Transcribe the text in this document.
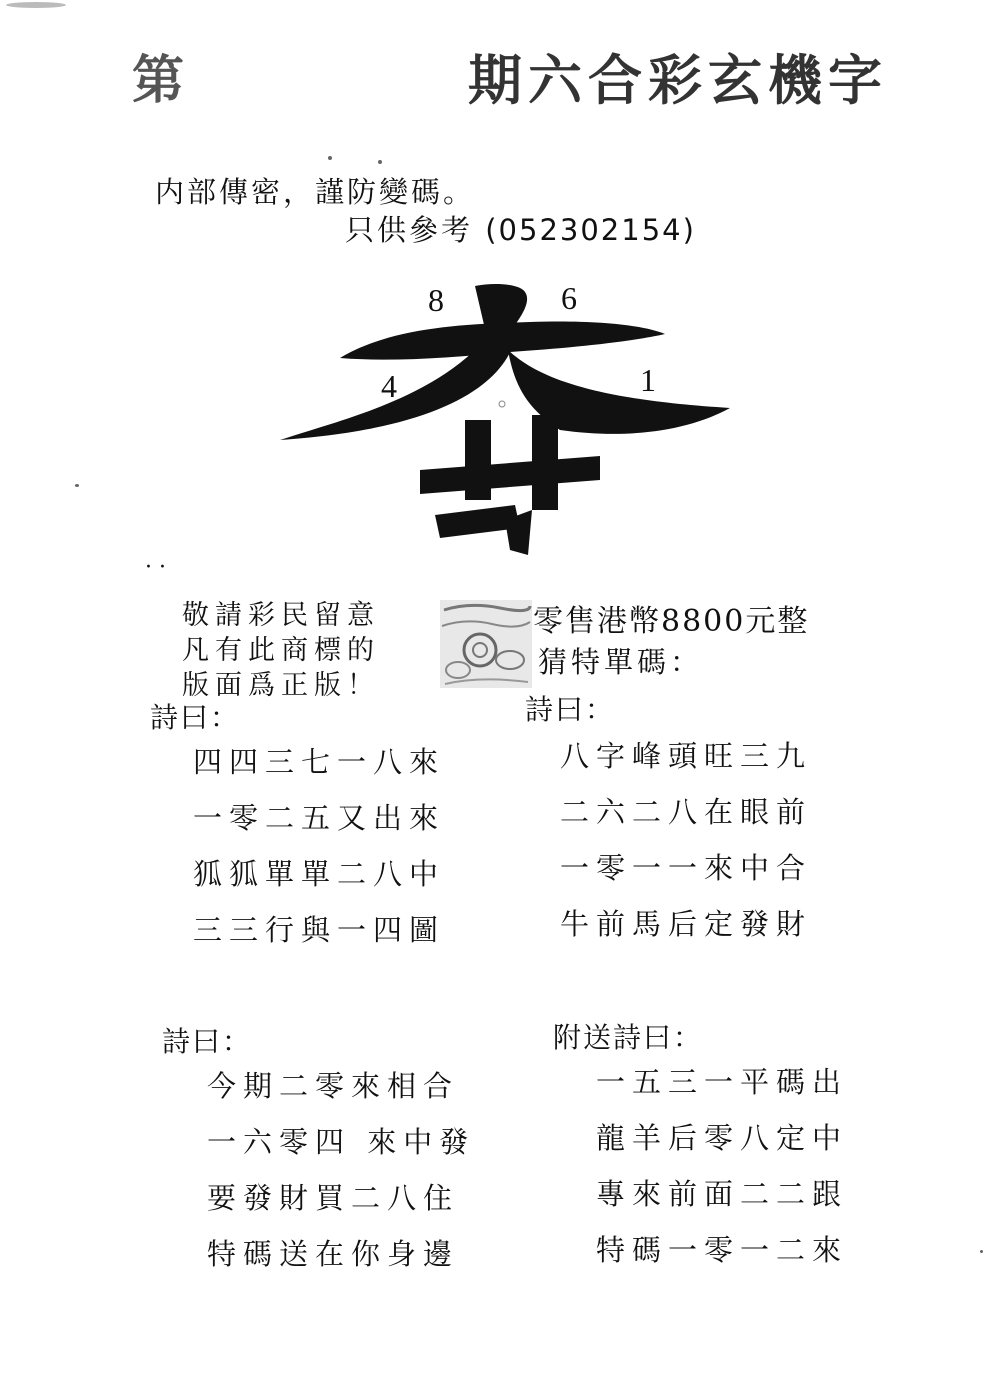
第	期六合彩玄機字
内部傳密，謹防變碼。
只供參考 (052302154)
8	6
4	1
· ·
敬請彩民留意
凡有此商標的
版面爲正版！
零售港幣8800元整
猜特單碼：
詩曰：	詩曰：
詩曰：	附送詩曰：
四四三七一八來
一零二五又出來
狐狐單單二八中
三三行與一四圖
八字峰頭旺三九
二六二八在眼前
一零一一來中合
牛前馬后定發財
今期二零來相合
一六零四 來中發
要發財買二八住
特碼送在你身邊
一五三一平碼出
龍羊后零八定中
專來前面二二跟
特碼一零一二來
